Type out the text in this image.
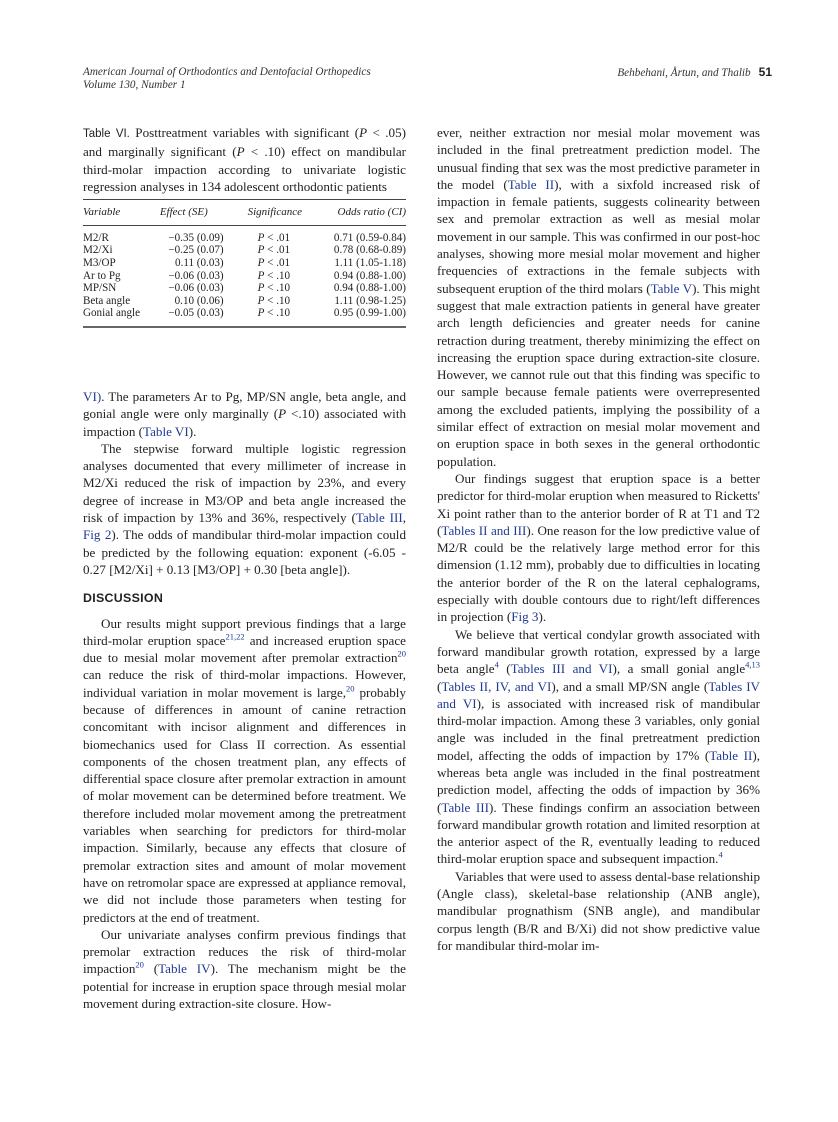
American Journal of Orthodontics and Dentofacial Orthopedics
Volume 130, Number 1
Behbehani, Årtun, and Thalib 51

Table VI. Posttreatment variables with significant (P < .05) and marginally significant (P < .10) effect on mandibular third-molar impaction according to univariate logistic regression analyses in 134 adolescent orthodontic patients

Variable	Effect (SE)	Significance	Odds ratio (CI)
M2/R	−0.35 (0.09)	P < .01	0.71 (0.59-0.84)
M2/Xi	−0.25 (0.07)	P < .01	0.78 (0.68-0.89)
M3/OP	0.11 (0.03)	P < .01	1.11 (1.05-1.18)
Ar to Pg	−0.06 (0.03)	P < .10	0.94 (0.88-1.00)
MP/SN	−0.06 (0.03)	P < .10	0.94 (0.88-1.00)
Beta angle	0.10 (0.06)	P < .10	1.11 (0.98-1.25)
Gonial angle	−0.05 (0.03)	P < .10	0.95 (0.99-1.00)

VI). The parameters Ar to Pg, MP/SN angle, beta angle, and gonial angle were only marginally (P <.10) associated with impaction (Table VI).

The stepwise forward multiple logistic regression analyses documented that every millimeter of increase in M2/Xi reduced the risk of impaction by 23%, and every degree of increase in M3/OP and beta angle increased the risk of impaction by 13% and 36%, respectively (Table III, Fig 2). The odds of mandibular third-molar impaction could be predicted by the following equation: exponent (-6.05 - 0.27 [M2/Xi] + 0.13 [M3/OP] + 0.30 [beta angle]).

DISCUSSION

Our results might support previous findings that a large third-molar eruption space$^{21,22}$ and increased eruption space due to mesial molar movement after premolar extraction$^{20}$ can reduce the risk of third-molar impactions. However, individual variation in molar movement is large,$^{20}$ probably because of differences in amount of canine retraction concomitant with incisor alignment and differences in biomechanics used for Class II correction. As essential components of the chosen treatment plan, any effects of differential space closure after premolar extraction in amount of molar movement can be determined before treatment. We therefore included molar movement among the pretreatment variables when searching for predictors for third-molar impaction. Similarly, because any effects that closure of premolar extraction sites and amount of molar movement have on retromolar space are expressed at appliance removal, we did not include those parameters when testing for predictors at the end of treatment.

Our univariate analyses confirm previous findings that premolar extraction reduces the risk of third-molar impaction$^{20}$ (Table IV). The mechanism might be the potential for increase in eruption space through mesial molar movement during extraction-site closure. How-

ever, neither extraction nor mesial molar movement was included in the final pretreatment prediction model. The unusual finding that sex was the most predictive parameter in the model (Table II), with a sixfold increased risk of impaction in female patients, suggests colinearity between sex and premolar extraction as well as mesial molar movement in our sample. This was confirmed in our post-hoc analyses, showing more mesial molar movement and higher frequencies of extractions in the female subjects with subsequent eruption of the third molars (Table V). This might suggest that male extraction patients in general have greater arch length deficiencies and greater needs for canine retraction during treatment, thereby minimizing the effect on increasing the eruption space during extraction-site closure. However, we cannot rule out that this finding was specific to our sample because female patients were overrepresented among the excluded patients, implying the possibility of a similar effect of extraction on mesial molar movement and on eruption space in both sexes in the general orthodontic population.

Our findings suggest that eruption space is a better predictor for third-molar eruption when measured to Ricketts' Xi point rather than to the anterior border of R at T1 and T2 (Tables II and III). One reason for the low predictive value of M2/R could be the relatively large method error for this dimension (1.12 mm), probably due to difficulties in locating the anterior border of the R on the lateral cephalograms, especially with double contours due to right/left differences in projection (Fig 3).

We believe that vertical condylar growth associated with forward mandibular growth rotation, expressed by a large beta angle$^4$ (Tables III and VI), a small gonial angle$^{4,13}$ (Tables II, IV, and VI), and a small MP/SN angle (Tables IV and VI), is associated with increased risk of mandibular third-molar impaction. Among these 3 variables, only gonial angle was included in the final pretreatment prediction model, affecting the odds of impaction by 17% (Table II), whereas beta angle was included in the final postreatment prediction model, affecting the odds of impaction by 36% (Table III). These findings confirm an association between forward mandibular growth rotation and limited resorption at the anterior aspect of the R, eventually leading to reduced third-molar eruption space and subsequent impaction.$^4$

Variables that were used to assess dental-base relationship (Angle class), skeletal-base relationship (ANB angle), mandibular prognathism (SNB angle), and mandibular corpus length (B/R and B/Xi) did not show predictive value for mandibular third-molar im-
